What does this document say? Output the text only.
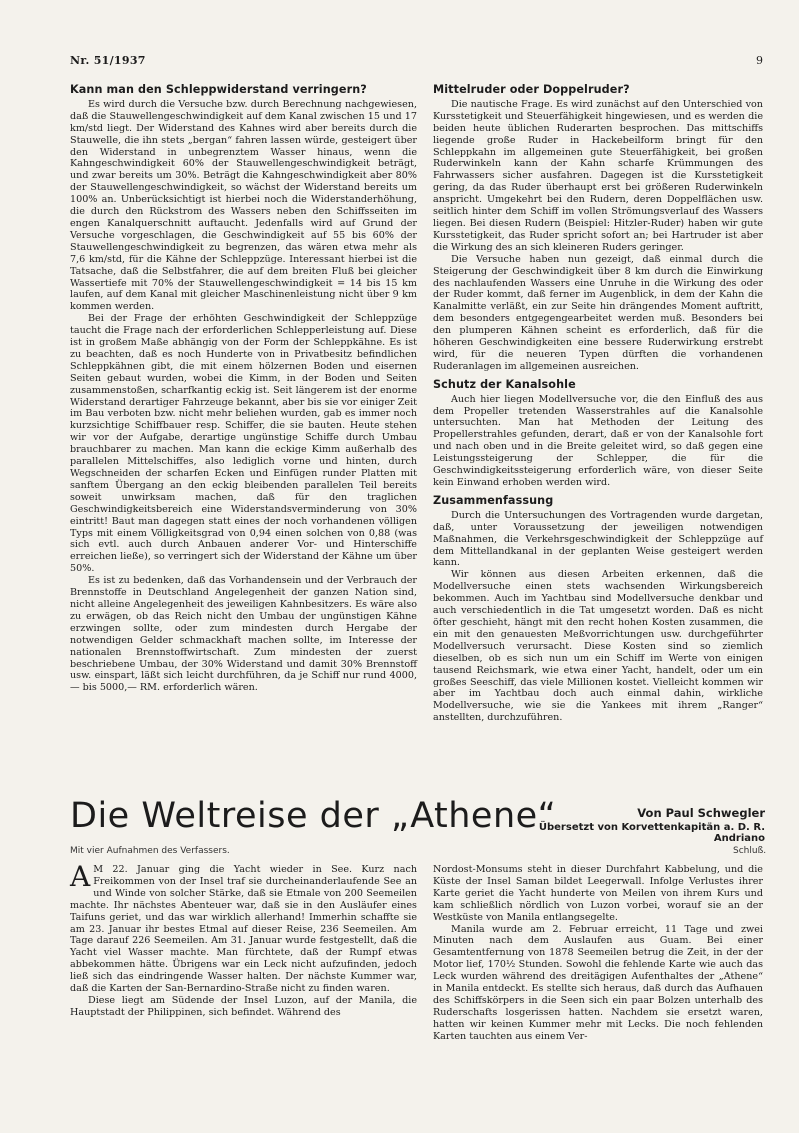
Nr. 51/1937	9
Kann man den Schleppwiderstand verringern?

Es wird durch die Versuche bzw. durch Berechnung nachgewiesen, daß die Stauwellengeschwindigkeit auf dem Kanal zwischen 15 und 17 km/std liegt. Der Widerstand des Kahnes wird aber bereits durch die Stauwelle, die ihn stets „bergan“ fahren lassen würde, gesteigert über den Widerstand in unbegrenztem Wasser hinaus, wenn die Kahngeschwindigkeit 60% der Stauwellengeschwindigkeit beträgt, und zwar bereits um 30%. Beträgt die Kahngeschwindigkeit aber 80% der Stauwellengeschwindigkeit, so wächst der Widerstand bereits um 100% an. Unberücksichtigt ist hierbei noch die Widerstanderhöhung, die durch den Rückstrom des Wassers neben den Schiffsseiten im engen Kanalquerschnitt auftaucht. Jedenfalls wird auf Grund der Versuche vorgeschlagen, die Geschwindigkeit auf 55 bis 60% der Stauwellengeschwindigkeit zu begrenzen, das wären etwa mehr als 7,6 km/std, für die Kähne der Schleppzüge. Interessant hierbei ist die Tatsache, daß die Selbstfahrer, die auf dem breiten Fluß bei gleicher Wassertiefe mit 70% der Stauwellengeschwindigkeit = 14 bis 15 km laufen, auf dem Kanal mit gleicher Maschinenleistung nicht über 9 km kommen werden.

Bei der Frage der erhöhten Geschwindigkeit der Schleppzüge taucht die Frage nach der erforderlichen Schlepperleistung auf. Diese ist in großem Maße abhängig von der Form der Schleppkähne. Es ist zu beachten, daß es noch Hunderte von in Privatbesitz befindlichen Schleppkähnen gibt, die mit einem hölzernen Boden und eisernen Seiten gebaut wurden, wobei die Kimm, in der Boden und Seiten zusammenstoßen, scharfkantig eckig ist. Seit längerem ist der enorme Widerstand derartiger Fahrzeuge bekannt, aber bis sie vor einiger Zeit im Bau verboten bzw. nicht mehr beliehen wurden, gab es immer noch kurzsichtige Schiffbauer resp. Schiffer, die sie bauten. Heute stehen wir vor der Aufgabe, derartige ungünstige Schiffe durch Umbau brauchbarer zu machen. Man kann die eckige Kimm außerhalb des parallelen Mittelschiffes, also lediglich vorne und hinten, durch Wegschneiden der scharfen Ecken und Einfügen runder Platten mit sanftem Übergang an den eckig bleibenden parallelen Teil bereits soweit unwirksam machen, daß für den traglichen Geschwindigkeitsbereich eine Widerstandsverminderung von 30% eintritt! Baut man dagegen statt eines der noch vorhandenen völligen Typs mit einem Völligkeitsgrad von 0,94 einen solchen von 0,88 (was sich evtl. auch durch Anbauen anderer Vor- und Hinterschiffe erreichen ließe), so verringert sich der Widerstand der Kähne um über 50%.

Es ist zu bedenken, daß das Vorhandensein und der Verbrauch der Brennstoffe in Deutschland Angelegenheit der ganzen Nation sind, nicht alleine Angelegenheit des jeweiligen Kahnbesitzers. Es wäre also zu erwägen, ob das Reich nicht den Umbau der ungünstigen Kähne erzwingen sollte, oder zum mindesten durch Hergabe der notwendigen Gelder schmackhaft machen sollte, im Interesse der nationalen Brennstoffwirtschaft. Zum mindesten der zuerst beschriebene Umbau, der 30% Widerstand und damit 30% Brennstoff usw. einspart, läßt sich leicht durchführen, da je Schiff nur rund 4000,— bis 5000,— RM. erforderlich wären.

Mittelruder oder Doppelruder?

Die nautische Frage. Es wird zunächst auf den Unterschied von Kursstetigkeit und Steuerfähigkeit hingewiesen, und es werden die beiden heute üblichen Ruderarten besprochen. Das mittschiffs liegende große Ruder in Hackebeilform bringt für den Schleppkahn im allgemeinen gute Steuerfähigkeit, bei großen Ruderwinkeln kann der Kahn scharfe Krümmungen des Fahrwassers sicher ausfahren. Dagegen ist die Kursstetigkeit gering, da das Ruder überhaupt erst bei größeren Ruderwinkeln anspricht. Umgekehrt bei den Rudern, deren Doppelflächen usw. seitlich hinter dem Schiff im vollen Strömungsverlauf des Wassers liegen. Bei diesen Rudern (Beispiel: Hitzler-Ruder) haben wir gute Kursstetigkeit, das Ruder spricht sofort an; bei Hartruder ist aber die Wirkung des an sich kleineren Ruders geringer.

Die Versuche haben nun gezeigt, daß einmal durch die Steigerung der Geschwindigkeit über 8 km durch die Einwirkung des nachlaufenden Wassers eine Unruhe in die Wirkung des oder der Ruder kommt, daß ferner im Augenblick, in dem der Kahn die Kanalmitte verläßt, ein zur Seite hin drängendes Moment auftritt, dem besonders entgegengearbeitet werden muß. Besonders bei den plumperen Kähnen scheint es erforderlich, daß für die höheren Geschwindigkeiten eine bessere Ruderwirkung erstrebt wird, für die neueren Typen dürften die vorhandenen Ruderanlagen im allgemeinen ausreichen.

Schutz der Kanalsohle

Auch hier liegen Modellversuche vor, die den Einfluß des aus dem Propeller tretenden Wasserstrahles auf die Kanalsohle untersuchten. Man hat Methoden der Leitung des Propellerstrahles gefunden, derart, daß er von der Kanalsohle fort und nach oben und in die Breite geleitet wird, so daß gegen eine Leistungssteigerung der Schlepper, die für die Geschwindigkeitssteigerung erforderlich wäre, von dieser Seite kein Einwand erhoben werden wird.

Zusammenfassung

Durch die Untersuchungen des Vortragenden wurde dargetan, daß, unter Voraussetzung der jeweiligen notwendigen Maßnahmen, die Verkehrsgeschwindigkeit der Schleppzüge auf dem Mittellandkanal in der geplanten Weise gesteigert werden kann.

Wir können aus diesen Arbeiten erkennen, daß die Modellversuche einen stets wachsenden Wirkungsbereich bekommen. Auch im Yachtbau sind Modellversuche denkbar und auch verschiedentlich in die Tat umgesetzt worden. Daß es nicht öfter geschieht, hängt mit den recht hohen Kosten zusammen, die ein mit den genauesten Meßvorrichtungen usw. durchgeführter Modellversuch verursacht. Diese Kosten sind so ziemlich dieselben, ob es sich nun um ein Schiff im Werte von einigen tausend Reichsmark, wie etwa einer Yacht, handelt, oder um ein großes Seeschiff, das viele Millionen kostet. Vielleicht kommen wir aber im Yachtbau doch auch einmal dahin, wirkliche Modellversuche, wie sie die Yankees mit ihrem „Ranger“ anstellten, durchzuführen.

Die Weltreise der „Athene“	Von Paul Schwegler
Übersetzt von Korvettenkapitän a. D. R. Andriano
Mit vier Aufnahmen des Verfassers.	Schluß.

A M 22. Januar ging die Yacht wieder in See. Kurz nach Freikommen von der Insel traf sie durcheinanderlaufende See an und Winde von solcher Stärke, daß sie Etmale von 200 Seemeilen machte. Ihr nächstes Abenteuer war, daß sie in den Ausläufer eines Taifuns geriet, und das war wirklich allerhand! Immerhin schaffte sie am 23. Januar ihr bestes Etmal auf dieser Reise, 236 Seemeilen. Am Tage darauf 226 Seemeilen. Am 31. Januar wurde festgestellt, daß die Yacht viel Wasser machte. Man fürchtete, daß der Rumpf etwas abbekommen hätte. Übrigens war ein Leck nicht aufzufinden, jedoch ließ sich das eindringende Wasser halten. Der nächste Kummer war, daß die Karten der San-Bernardino-Straße nicht zu finden waren.

Diese liegt am Südende der Insel Luzon, auf der Manila, die Hauptstadt der Philippinen, sich befindet. Während des

Nordost-Monsums steht in dieser Durchfahrt Kabbelung, und die Küste der Insel Saman bildet Leegerwall. Infolge Verlustes ihrer Karte geriet die Yacht hunderte von Meilen von ihrem Kurs und kam schließlich nördlich von Luzon vorbei, worauf sie an der Westküste von Manila entlangsegelte.

Manila wurde am 2. Februar erreicht, 11 Tage und zwei Minuten nach dem Auslaufen aus Guam. Bei einer Gesamtentfernung von 1878 Seemeilen betrug die Zeit, in der der Motor lief, 170½ Stunden. Sowohl die fehlende Karte wie auch das Leck wurden während des dreitägigen Aufenthaltes der „Athene“ in Manila entdeckt. Es stellte sich heraus, daß durch das Aufhauen des Schiffskörpers in die Seen sich ein paar Bolzen unterhalb des Ruderschafts losgerissen hatten. Nachdem sie ersetzt waren, hatten wir keinen Kummer mehr mit Lecks. Die noch fehlenden Karten tauchten aus einem Ver-
